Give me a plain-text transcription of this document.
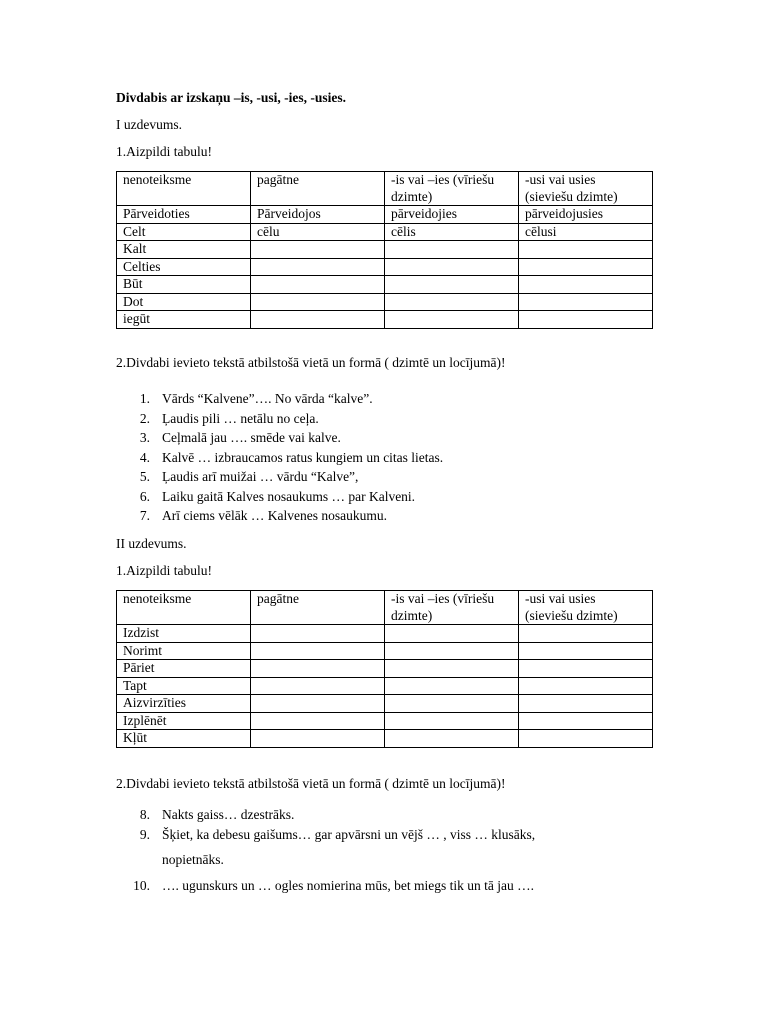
Divdabis ar izskaņu –is, -usi, -ies, -usies.
I uzdevums.
1.Aizpildi tabulu!
nenoteiksme	pagātne	-is vai –ies (vīriešu dzimte)	-usi vai usies (sieviešu dzimte)
Pārveidoties	Pārveidojos	pārveidojies	pārveidojusies
Celt	cēlu	cēlis	cēlusi
Kalt			
Celties			
Būt			
Dot			
iegūt			
2.Divdabi ievieto tekstā atbilstošā vietā un formā ( dzimtē un locījumā)!
1. Vārds “Kalvene”…. No vārda “kalve”.
2. Ļaudis pili … netālu no ceļa.
3. Ceļmalā jau …. smēde vai kalve.
4. Kalvē … izbraucamos ratus kungiem un citas lietas.
5. Ļaudis arī muižai … vārdu “Kalve”,
6. Laiku gaitā Kalves nosaukums … par Kalveni.
7. Arī ciems vēlāk … Kalvenes nosaukumu.
II uzdevums.
1.Aizpildi tabulu!
nenoteiksme	pagātne	-is vai –ies (vīriešu dzimte)	-usi vai usies (sieviešu dzimte)
Izdzist			
Norimt			
Pāriet			
Tapt			
Aizvirzīties			
Izplēnēt			
Kļūt			
2.Divdabi ievieto tekstā atbilstošā vietā un formā ( dzimtē un locījumā)!
8. Nakts gaiss… dzestrāks.
9. Šķiet, ka debesu gaišums… gar apvārsni un vējš … , viss … klusāks,
nopietnāks.
10. …. ugunskurs un … ogles nomierina mūs, bet miegs tik un tā jau ….
